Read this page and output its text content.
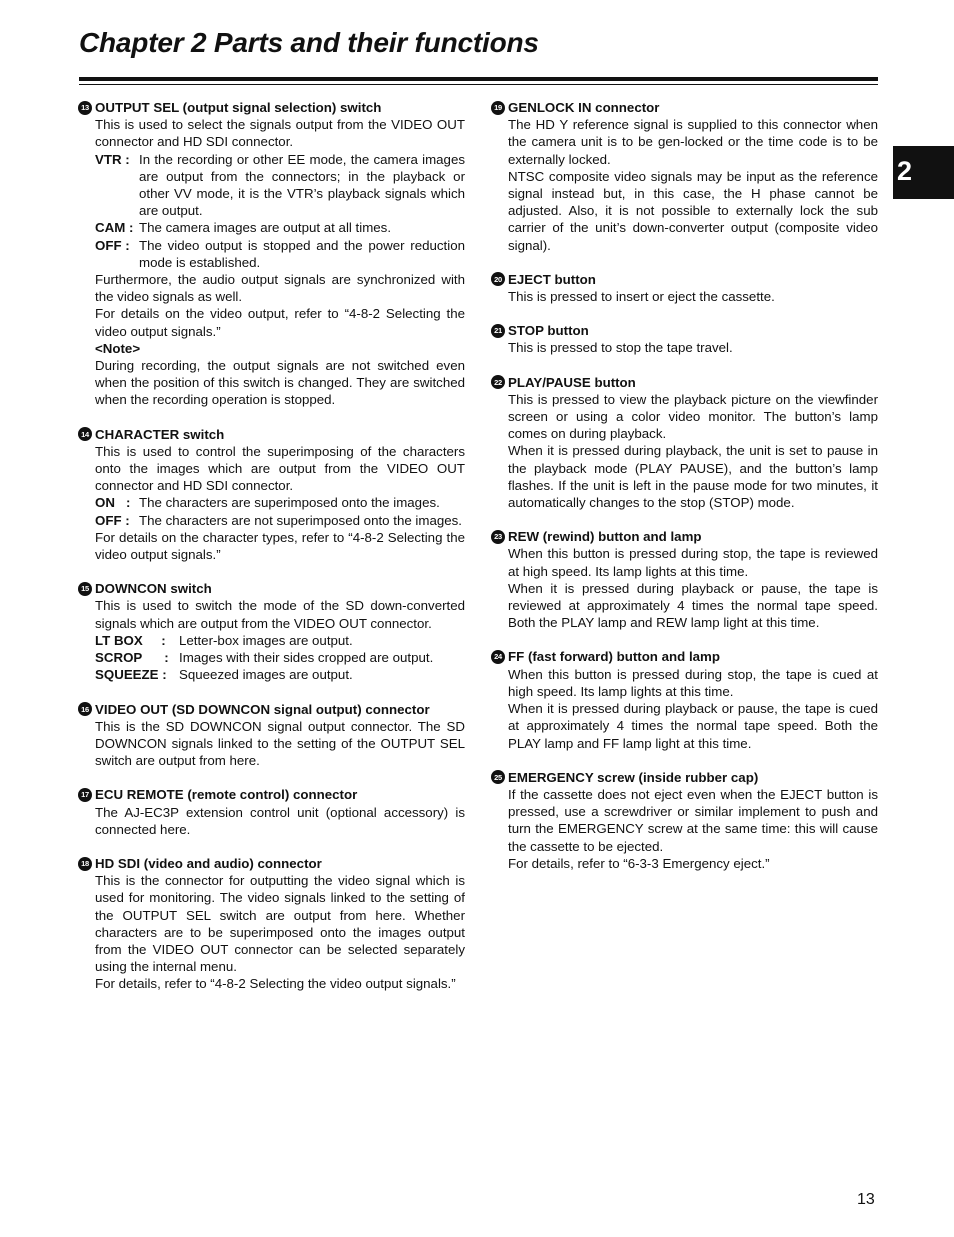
Chapter 2 Parts and their functions
2
13 OUTPUT SEL (output signal selection) switch

This is used to select the signals output from the VIDEO OUT connector and HD SDI connector.

VTR : In the recording or other EE mode, the camera images are output from the connectors; in the playback or other VV mode, it is the VTR’s playback signals which are output.
CAM : The camera images are output at all times.
OFF : The video output is stopped and the power reduction mode is established.

Furthermore, the audio output signals are synchronized with the video signals as well.

For details on the video output, refer to “4-8-2 Selecting the video output signals.”

<Note>

During recording, the output signals are not switched even when the position of this switch is changed. They are switched when the recording operation is stopped.

14 CHARACTER switch

This is used to control the superimposing of the characters onto the images which are output from the VIDEO OUT connector and HD SDI connector.

ON   : The characters are superimposed onto the images.
OFF : The characters are not superimposed onto the images.

For details on the character types, refer to “4-8-2 Selecting the video output signals.”

15 DOWNCON switch

This is used to switch the mode of the SD down-converted signals which are output from the VIDEO OUT connector.

LT BOX     :	Letter-box images are output.
SCROP      : Images with their sides cropped are output.
SQUEEZE : Squeezed images are output.
16 VIDEO OUT (SD DOWNCON signal output) connector

This is the SD DOWNCON signal output connector. The SD DOWNCON signals linked to the setting of the OUTPUT SEL switch are output from here.

17 ECU REMOTE (remote control) connector

The AJ-EC3P extension control unit (optional accessory) is connected here.

18 HD SDI (video and audio) connector

This is the connector for outputting the video signal which is used for monitoring. The video signals linked to the setting of the OUTPUT SEL switch are output from here. Whether characters are to be superimposed onto the images output from the VIDEO OUT connector can be selected separately using the internal menu.

For details, refer to “4-8-2 Selecting the video output signals.”

19 GENLOCK IN connector

The HD Y reference signal is supplied to this connector when the camera unit is to be gen-locked or the time code is to be externally locked.

NTSC composite video signals may be input as the reference signal instead but, in this case, the H phase cannot be adjusted. Also, it is not possible to externally lock the sub carrier of the unit’s down-converter output (composite video signal).

20 EJECT button

This is pressed to insert or eject the cassette.

21 STOP button

This is pressed to stop the tape travel.

22 PLAY/PAUSE button

This is pressed to view the playback picture on the viewfinder screen or using a color video monitor. The button’s lamp comes on during playback.

When it is pressed during playback, the unit is set to pause in the playback mode (PLAY PAUSE), and the button’s lamp flashes. If the unit is left in the pause mode for two minutes, it automatically changes to the stop (STOP) mode.

23 REW (rewind) button and lamp

When this button is pressed during stop, the tape is reviewed at high speed. Its lamp lights at this time.

When it is pressed during playback or pause, the tape is reviewed at approximately 4 times the normal tape speed. Both the PLAY lamp and REW lamp light at this time.

24 FF (fast forward) button and lamp

When this button is pressed during stop, the tape is cued at high speed. Its lamp lights at this time.

When it is pressed during playback or pause, the tape is cued at approximately 4 times the normal tape speed. Both the PLAY lamp and FF lamp light at this time.

25 EMERGENCY screw (inside rubber cap)

If the cassette does not eject even when the EJECT button is pressed, use a screwdriver or similar implement to push and turn the EMERGENCY screw at the same time: this will cause the cassette to be ejected.

For details, refer to “6-3-3 Emergency eject.”

13
